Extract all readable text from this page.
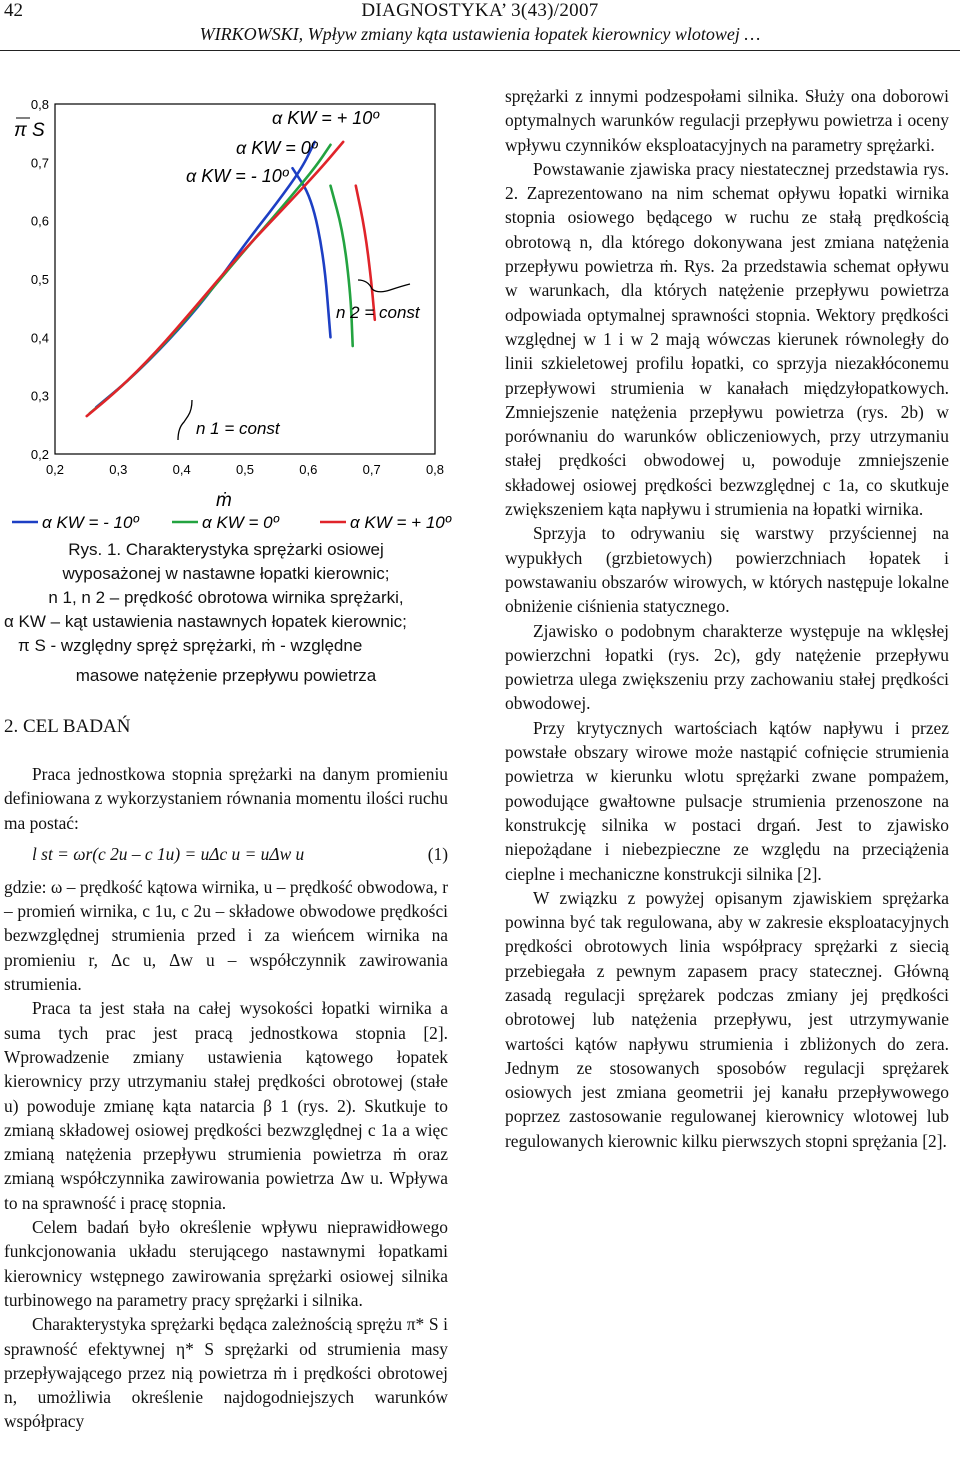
42	DIAGNOSTYKA’ 3(43)/2007
WIRKOWSKI, Wpływ zmiany kąta ustawienia łopatek kierownicy wlotowej …
0,2
0,3
0,4
0,5
0,6
0,7
0,8
0,2	0,3	0,4	0,5	0,6	0,7	0,8
π S
α KW = + 10º
α KW = 0º
α KW = - 10º
n 2 = const
n 1 = const
ṁ
α KW = - 10º	α KW = 0º	α KW = + 10º
Rys. 1. Charakterystyka sprężarki osiowej
wyposażonej w nastawne łopatki kierownic;
n 1, n 2 – prędkość obrotowa wirnika sprężarki,
α KW – kąt ustawienia nastawnych łopatek kierownic;
π S - względny spręż sprężarki, ṁ - względne
masowe natężenie przepływu powietrza
2. CEL BADAŃ

Praca jednostkowa stopnia sprężarki na danym promieniu definiowana z wykorzystaniem równania momentu ilości ruchu ma postać:

l st = ωr(c 2u – c 1u) = uΔc u = uΔw u	(1)

gdzie: ω – prędkość kątowa wirnika, u – prędkość obwodowa, r – promień wirnika, c 1u, c 2u – składowe obwodowe prędkości bezwzględnej strumienia przed i za wieńcem wirnika na promieniu r, Δc u, Δw u – współczynnik zawirowania strumienia.

Praca ta jest stała na całej wysokości łopatki wirnika a suma tych prac jest pracą jednostkowa stopnia [2]. Wprowadzenie zmiany ustawienia kątowego łopatek kierownicy przy utrzymaniu stałej prędkości obrotowej (stałe u) powoduje zmianę kąta natarcia β 1 (rys. 2). Skutkuje to zmianą składowej osiowej prędkości bezwzględnej c 1a a więc zmianą natężenia przepływu strumienia powietrza ṁ oraz zmianą współczynnika zawirowania powietrza Δw u. Wpływa to na sprawność i pracę stopnia.

Celem badań było określenie wpływu nieprawidłowego funkcjonowania układu sterującego nastawnymi łopatkami kierownicy wstępnego zawirowania sprężarki osiowej silnika turbinowego na parametry pracy sprężarki i silnika.

Charakterystyka sprężarki będąca zależnością sprężu π* S i sprawność efektywnej η* S sprężarki od strumienia masy przepływającego przez nią powietrza ṁ i prędkości obrotowej n, umożliwia określenie najdogodniejszych warunków współpracy

sprężarki z innymi podzespołami silnika. Służy ona doborowi optymalnych warunków regulacji przepływu powietrza i oceny wpływu czynników eksploatacyjnych na parametry sprężarki.

Powstawanie zjawiska pracy niestatecznej przedstawia rys. 2. Zaprezentowano na nim schemat opływu łopatki wirnika stopnia osiowego będącego w ruchu ze stałą prędkością obrotową n, dla którego dokonywana jest zmiana natężenia przepływu powietrza ṁ. Rys. 2a przedstawia schemat opływu w warunkach, dla których natężenie przepływu powietrza odpowiada optymalnej sprawności stopnia. Wektory prędkości względnej w 1 i w 2 mają wówczas kierunek równoległy do linii szkieletowej profilu łopatki, co sprzyja niezakłóconemu przepływowi strumienia w kanałach międzyłopatkowych. Zmniejszenie natężenia przepływu powietrza (rys. 2b) w porównaniu do warunków obliczeniowych, przy utrzymaniu stałej prędkości obwodowej u, powoduje zmniejszenie składowej osiowej prędkości bezwzględnej c 1a, co skutkuje zwiększeniem kąta napływu i strumienia na łopatki wirnika.

Sprzyja to odrywaniu się warstwy przyściennej na wypukłych (grzbietowych) powierzchniach łopatek i powstawaniu obszarów wirowych, w których następuje lokalne obniżenie ciśnienia statycznego.

Zjawisko o podobnym charakterze występuje na wklęsłej powierzchni łopatki (rys. 2c), gdy natężenie przepływu powietrza ulega zwiększeniu przy zachowaniu stałej prędkości obwodowej.

Przy krytycznych wartościach kątów napływu i przez powstałe obszary wirowe może nastąpić cofnięcie strumienia powietrza w kierunku wlotu sprężarki zwane pompażem, powodujące gwałtowne pulsacje strumienia przenoszone na konstrukcję silnika w postaci drgań. Jest to zjawisko niepożądane i niebezpieczne ze względu na przeciążenia cieplne i mechaniczne konstrukcji silnika [2].

W związku z powyżej opisanym zjawiskiem sprężarka powinna być tak regulowana, aby w zakresie eksploatacyjnych prędkości obrotowych linia współpracy sprężarki z siecią przebiegała z pewnym zapasem pracy statecznej. Główną zasadą regulacji sprężarek podczas zmiany jej prędkości obrotowej lub natężenia przepływu, jest utrzymywanie wartości kątów napływu strumienia i zbliżonych do zera. Jednym ze stosowanych sposobów regulacji sprężarek osiowych jest zmiana geometrii jej kanału przepływowego poprzez zastosowanie regulowanej kierownicy wlotowej lub regulowanych kierownic kilku pierwszych stopni sprężania [2].
